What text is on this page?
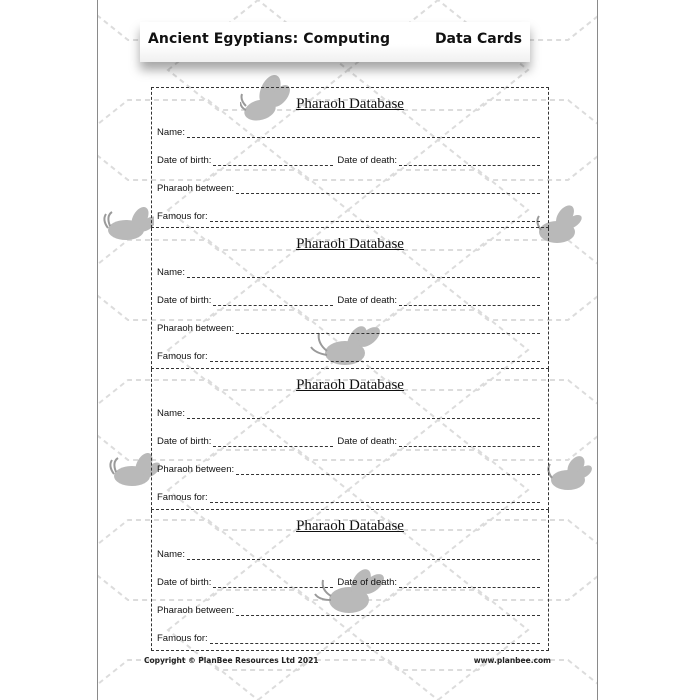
Ancient Egyptians: Computing	Data Cards
Pharaoh Database
Name:
Date of birth:	Date of death:
Pharaoh between:
Famous for:
Pharaoh Database
Name:
Date of birth:	Date of death:
Pharaoh between:
Famous for:
Pharaoh Database
Name:
Date of birth:	Date of death:
Pharaoh between:
Famous for:
Pharaoh Database
Name:
Date of birth:	Date of death:
Pharaoh between:
Famous for:
Copyright © PlanBee Resources Ltd 2021	www.planbee.com
